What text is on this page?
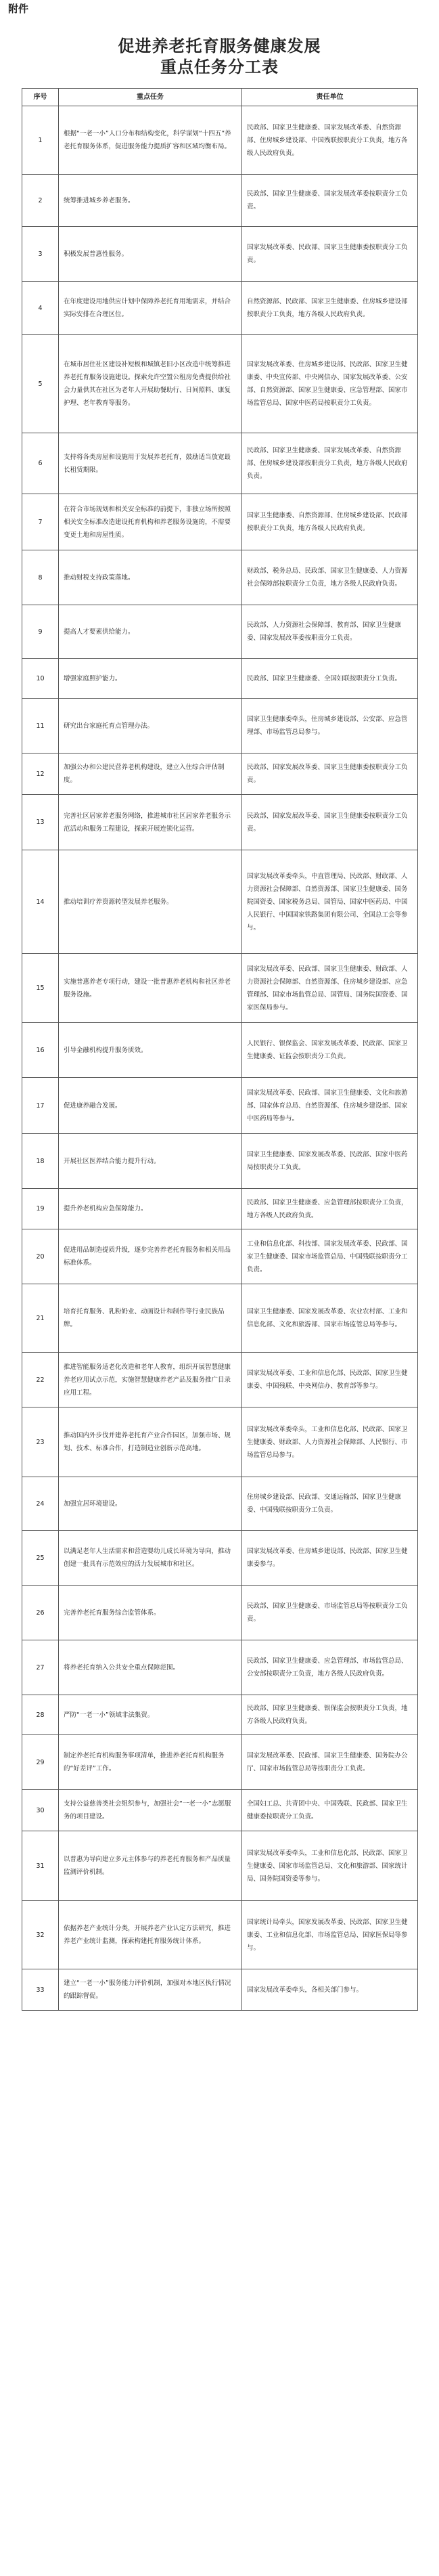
附件
促进养老托育服务健康发展
重点任务分工表
序号	重点任务	责任单位
1	根据“一老一小”人口分布和结构变化，科学谋划“十四五”养老托育服务体系，促进服务能力提质扩容和区域均衡布局。	民政部、国家卫生健康委、国家发展改革委、自然资源部、住房城乡建设部、中国残联按职责分工负责，地方各级人民政府负责。
2	统筹推进城乡养老服务。	民政部、国家卫生健康委、国家发展改革委按职责分工负责。
3	积极发展普惠性服务。	国家发展改革委、民政部、国家卫生健康委按职责分工负责。
4	在年度建设用地供应计划中保障养老托育用地需求，并结合实际安排在合理区位。	自然资源部、民政部、国家卫生健康委、住房城乡建设部按职责分工负责，地方各级人民政府负责。
5	在城市居住社区建设补短板和城镇老旧小区改造中统筹推进养老托育服务设施建设。探索允许空置公租房免费提供给社会力量供其在社区为老年人开展助餐助行、日间照料、康复护理、老年教育等服务。	国家发展改革委、住房城乡建设部、民政部、国家卫生健康委、中央宣传部、中央网信办、国家发展改革委、公安部、自然资源部、国家卫生健康委、应急管理部、国家市场监管总局、国家中医药局按职责分工负责。
6	支持将各类房屋和设施用于发展养老托育，鼓励适当放宽最长租赁期限。	民政部、国家卫生健康委、国家发展改革委、自然资源部、住房城乡建设部按职责分工负责，地方各级人民政府负责。
7	在符合市场规划和相关安全标准的前提下，非独立场所按照相关安全标准改造建设托育机构和养老服务设施的，不需要变更土地和房屋性质。	国家卫生健康委、自然资源部、住房城乡建设部、民政部按职责分工负责，地方各级人民政府负责。
8	推动财税支持政策落地。	财政部、税务总局、民政部、国家卫生健康委、人力资源社会保障部按职责分工负责，地方各级人民政府负责。
9	提高人才要素供给能力。	民政部、人力资源社会保障部、教育部、国家卫生健康委、国家发展改革委按职责分工负责。
10	增强家庭照护能力。	民政部、国家卫生健康委、全国妇联按职责分工负责。
11	研究出台家庭托育点管理办法。	国家卫生健康委牵头，住房城乡建设部、公安部、应急管理部、市场监管总局参与。
12	加强公办和公建民营养老机构建设，建立入住综合评估制度。	民政部、国家发展改革委、国家卫生健康委按职责分工负责。
13	完善社区居家养老服务网络，推进城市社区居家养老服务示范活动和服务工程建设，探索开展连锁化运营。	民政部、国家发展改革委、国家卫生健康委按职责分工负责。
14	推动培训疗养资源转型发展养老服务。	国家发展改革委牵头，中直管理局、民政部、财政部、人力资源社会保障部、自然资源部、国家卫生健康委、国务院国资委、国家税务总局、国管局、国家中医药局、中国人民银行、中国国家铁路集团有限公司、全国总工会等参与。
15	实施普惠养老专项行动，建设一批普惠养老机构和社区养老服务设施。	国家发展改革委、民政部、国家卫生健康委、财政部、人力资源社会保障部、自然资源部、住房城乡建设部、应急管理部、国家市场监管总局、国管局、国务院国资委、国家医保局参与。
16	引导金融机构提升服务质效。	人民银行、银保监会、国家发展改革委、民政部、国家卫生健康委、证监会按职责分工负责。
17	促进康养融合发展。	国家发展改革委、民政部、国家卫生健康委、文化和旅游部、国家体育总局、自然资源部、住房城乡建设部、国家中医药局等参与。
18	开展社区医养结合能力提升行动。	国家卫生健康委、国家发展改革委、民政部、国家中医药局按职责分工负责。
19	提升养老机构应急保障能力。	民政部、国家卫生健康委、应急管理部按职责分工负责，地方各级人民政府负责。
20	促进用品制造提质升级，逐步完善养老托育服务和相关用品标准体系。	工业和信息化部、科技部、国家发展改革委、民政部、国家卫生健康委、国家市场监管总局、中国残联按职责分工负责。
21	培育托育服务、乳粉奶业、动画设计和制作等行业民族品牌。	国家卫生健康委、国家发展改革委、农业农村部、工业和信息化部、文化和旅游部、国家市场监管总局等参与。
22	推进智能服务适老化改造和老年人教育，组织开展智慧健康养老应用试点示范，实施智慧健康养老产品及服务推广目录应用工程。	国家发展改革委、工业和信息化部、民政部、国家卫生健康委、中国残联、中央网信办、教育部等参与。
23	推动国内外步伐并建养老托育产业合作园区，加强市场、规划、技术、标准合作，打造制造业创新示范高地。	国家发展改革委牵头，工业和信息化部、民政部、国家卫生健康委、财政部、人力资源社会保障部、人民银行、市场监管总局参与。
24	加强宜居环境建设。	住房城乡建设部、民政部、交通运输部、国家卫生健康委、中国残联按职责分工负责。
25	以满足老年人生活需求和营造婴幼儿成长环境为导向，推动创建一批具有示范效应的活力发展城市和社区。	国家发展改革委、住房城乡建设部、民政部、国家卫生健康委参与。
26	完善养老托育服务综合监管体系。	民政部、国家卫生健康委、市场监管总局等按职责分工负责。
27	将养老托育纳入公共安全重点保障范围。	民政部、国家卫生健康委、应急管理部、市场监管总局、公安部按职责分工负责，地方各级人民政府负责。
28	严防“一老一小”领域非法集资。	民政部、国家卫生健康委、银保监会按职责分工负责，地方各级人民政府负责。
29	制定养老托育机构服务事项清单，推进养老托育机构服务的“好差评”工作。	国家发展改革委、民政部、国家卫生健康委、国务院办公厅、国家市场监管总局等按职责分工负责。
30	支持公益慈善类社会组织参与，加强社会“一老一小”志愿服务的项目建设。	全国妇工总、共青团中央、中国残联、民政部、国家卫生健康委按职责分工负责。
31	以普惠为导向建立多元主体参与的养老托育服务和产品质量监测评价机制。	国家发展改革委牵头，工业和信息化部、民政部、国家卫生健康委、国家市场监管总局、文化和旅游部、国家统计局、国务院国资委等参与。
32	依据养老产业统计分类，开展养老产业认定方法研究，推进养老产业统计监测，探索构建托育服务统计体系。	国家统计局牵头，国家发展改革委、民政部、国家卫生健康委、工业和信息化部、市场监管总局、国家医保局等参与。
33	建立“一老一小”服务能力评价机制，加强对本地区执行情况的跟踪督促。	国家发展改革委牵头，各相关部门参与。
